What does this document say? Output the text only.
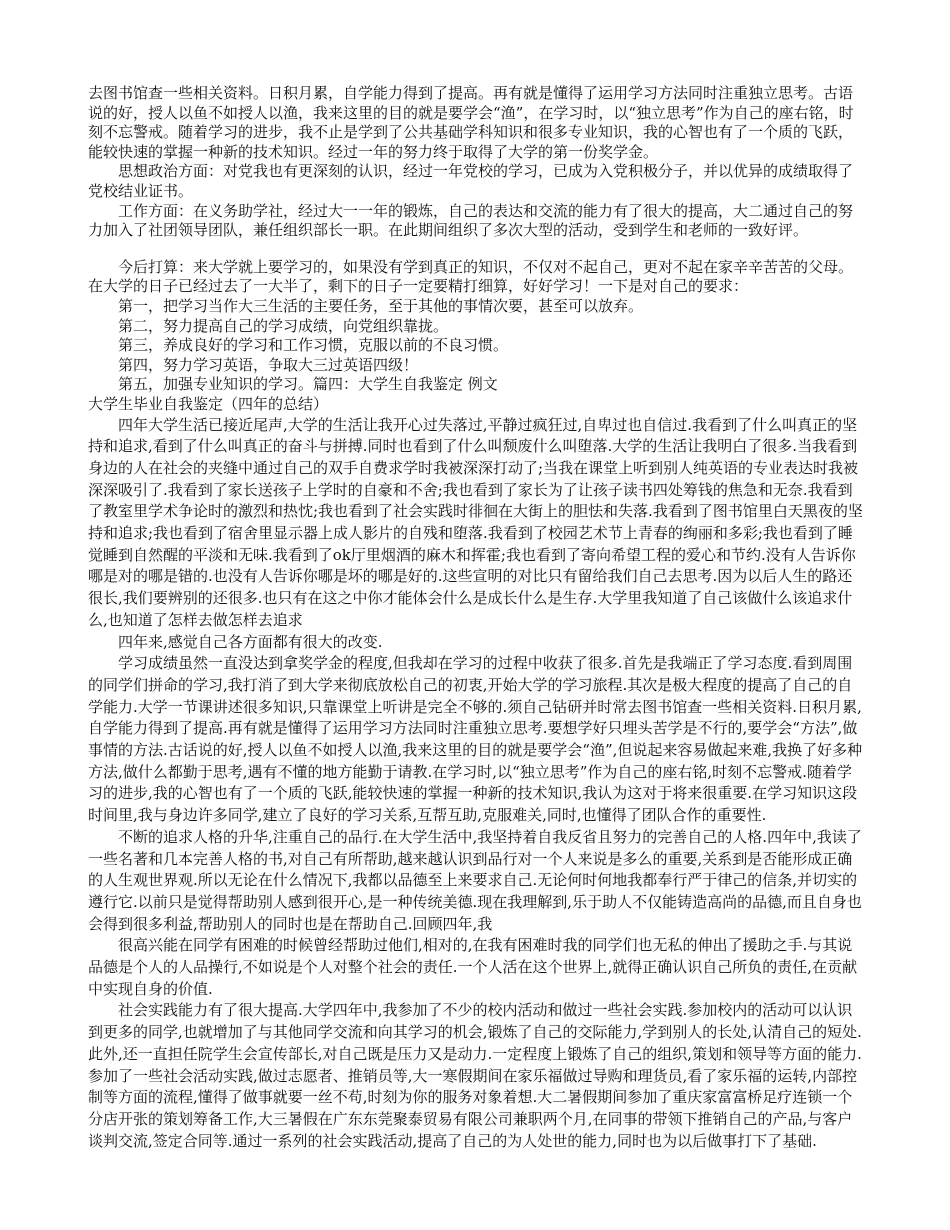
去图书馆查一些相关资料。日积月累，自学能力得到了提高。再有就是懂得了运用学习方法同时注重独立思考。古语说的好，授人以鱼不如授人以渔，我来这里的目的就是要学会“渔”，在学习时，以“独立思考”作为自己的座右铭，时刻不忘警戒。随着学习的进步，我不止是学到了公共基础学科知识和很多专业知识，我的心智也有了一个质的飞跃，能较快速的掌握一种新的技术知识。经过一年的努力终于取得了大学的第一份奖学金。

思想政治方面：对党我也有更深刻的认识，经过一年党校的学习，已成为入党积极分子，并以优异的成绩取得了党校结业证书。

工作方面：在义务助学社，经过大一一年的锻炼，自己的表达和交流的能力有了很大的提高，大二通过自己的努力加入了社团领导团队，兼任组织部长一职。在此期间组织了多次大型的活动，受到学生和老师的一致好评。

今后打算：来大学就上要学习的，如果没有学到真正的知识，不仅对不起自己，更对不起在家辛辛苦苦的父母。在大学的日子已经过去了一大半了，剩下的日子一定要精打细算，好好学习！一下是对自己的要求：

第一，把学习当作大三生活的主要任务，至于其他的事情次要，甚至可以放弃。

第二，努力提高自己的学习成绩，向党组织靠拢。

第三，养成良好的学习和工作习惯，克服以前的不良习惯。

第四，努力学习英语，争取大三过英语四级！

第五，加强专业知识的学习。篇四：大学生自我鉴定 例文

大学生毕业自我鉴定（四年的总结）

四年大学生活已接近尾声,大学的生活让我开心过失落过,平静过疯狂过,自卑过也自信过.我看到了什么叫真正的坚持和追求,看到了什么叫真正的奋斗与拼搏.同时也看到了什么叫颓废什么叫堕落.大学的生活让我明白了很多.当我看到身边的人在社会的夹缝中通过自己的双手自费求学时我被深深打动了;当我在课堂上听到别人纯英语的专业表达时我被深深吸引了.我看到了家长送孩子上学时的自豪和不舍;我也看到了家长为了让孩子读书四处筹钱的焦急和无奈.我看到了教室里学术争论时的激烈和热忱;我也看到了社会实践时徘徊在大街上的胆怯和失落.我看到了图书馆里白天黑夜的坚持和追求;我也看到了宿舍里显示器上成人影片的自残和堕落.我看到了校园艺术节上青春的绚丽和多彩;我也看到了睡觉睡到自然醒的平淡和无味.我看到了ok厅里烟酒的麻木和挥霍;我也看到了寄向希望工程的爱心和节约.没有人告诉你哪是对的哪是错的.也没有人告诉你哪是坏的哪是好的.这些宣明的对比只有留给我们自己去思考.因为以后人生的路还很长,我们要辨别的还很多.也只有在这之中你才能体会什么是成长什么是生存.大学里我知道了自己该做什么该追求什么,也知道了怎样去做怎样去追求

四年来,感觉自己各方面都有很大的改变.

学习成绩虽然一直没达到拿奖学金的程度,但我却在学习的过程中收获了很多.首先是我端正了学习态度.看到周围的同学们拼命的学习,我打消了到大学来彻底放松自己的初衷,开始大学的学习旅程.其次是极大程度的提高了自己的自学能力.大学一节课讲述很多知识,只靠课堂上听讲是完全不够的.须自己钻研并时常去图书馆查一些相关资料.日积月累,自学能力得到了提高.再有就是懂得了运用学习方法同时注重独立思考.要想学好只埋头苦学是不行的,要学会“方法”,做事情的方法.古话说的好,授人以鱼不如授人以渔,我来这里的目的就是要学会“渔”,但说起来容易做起来难,我换了好多种方法,做什么都勤于思考,遇有不懂的地方能勤于请教.在学习时,以“独立思考”作为自己的座右铭,时刻不忘警戒.随着学习的进步,我的心智也有了一个质的飞跃,能较快速的掌握一种新的技术知识,我认为这对于将来很重要.在学习知识这段时间里,我与身边许多同学,建立了良好的学习关系,互帮互助,克服难关,同时,也懂得了团队合作的重要性.

不断的追求人格的升华,注重自己的品行.在大学生活中,我坚持着自我反省且努力的完善自己的人格.四年中,我读了一些名著和几本完善人格的书,对自己有所帮助,越来越认识到品行对一个人来说是多么的重要,关系到是否能形成正确的人生观世界观.所以无论在什么情况下,我都以品德至上来要求自己.无论何时何地我都奉行严于律己的信条,并切实的遵行它.以前只是觉得帮助别人感到很开心,是一种传统美德.现在我理解到,乐于助人不仅能铸造高尚的品德,而且自身也会得到很多利益,帮助别人的同时也是在帮助自己.回顾四年,我

很高兴能在同学有困难的时候曾经帮助过他们,相对的,在我有困难时我的同学们也无私的伸出了援助之手.与其说品德是个人的人品操行,不如说是个人对整个社会的责任.一个人活在这个世界上,就得正确认识自己所负的责任,在贡献中实现自身的价值.

社会实践能力有了很大提高.大学四年中,我参加了不少的校内活动和做过一些社会实践.参加校内的活动可以认识到更多的同学,也就增加了与其他同学交流和向其学习的机会,锻炼了自己的交际能力,学到别人的长处,认清自己的短处.此外,还一直担任院学生会宣传部长,对自己既是压力又是动力.一定程度上锻炼了自己的组织,策划和领导等方面的能力.参加了一些社会活动实践,做过志愿者、推销员等,大一寒假期间在家乐福做过导购和理货员,看了家乐福的运转,内部控制等方面的流程,懂得了做事就要一丝不苟,时刻为你的服务对象着想.大二暑假期间参加了重庆家富富桥足疗连锁一个分店开张的策划筹备工作,大三暑假在广东东莞聚泰贸易有限公司兼职两个月,在同事的带领下推销自己的产品,与客户谈判交流,签定合同等.通过一系列的社会实践活动,提高了自己的为人处世的能力,同时也为以后做事打下了基础.
